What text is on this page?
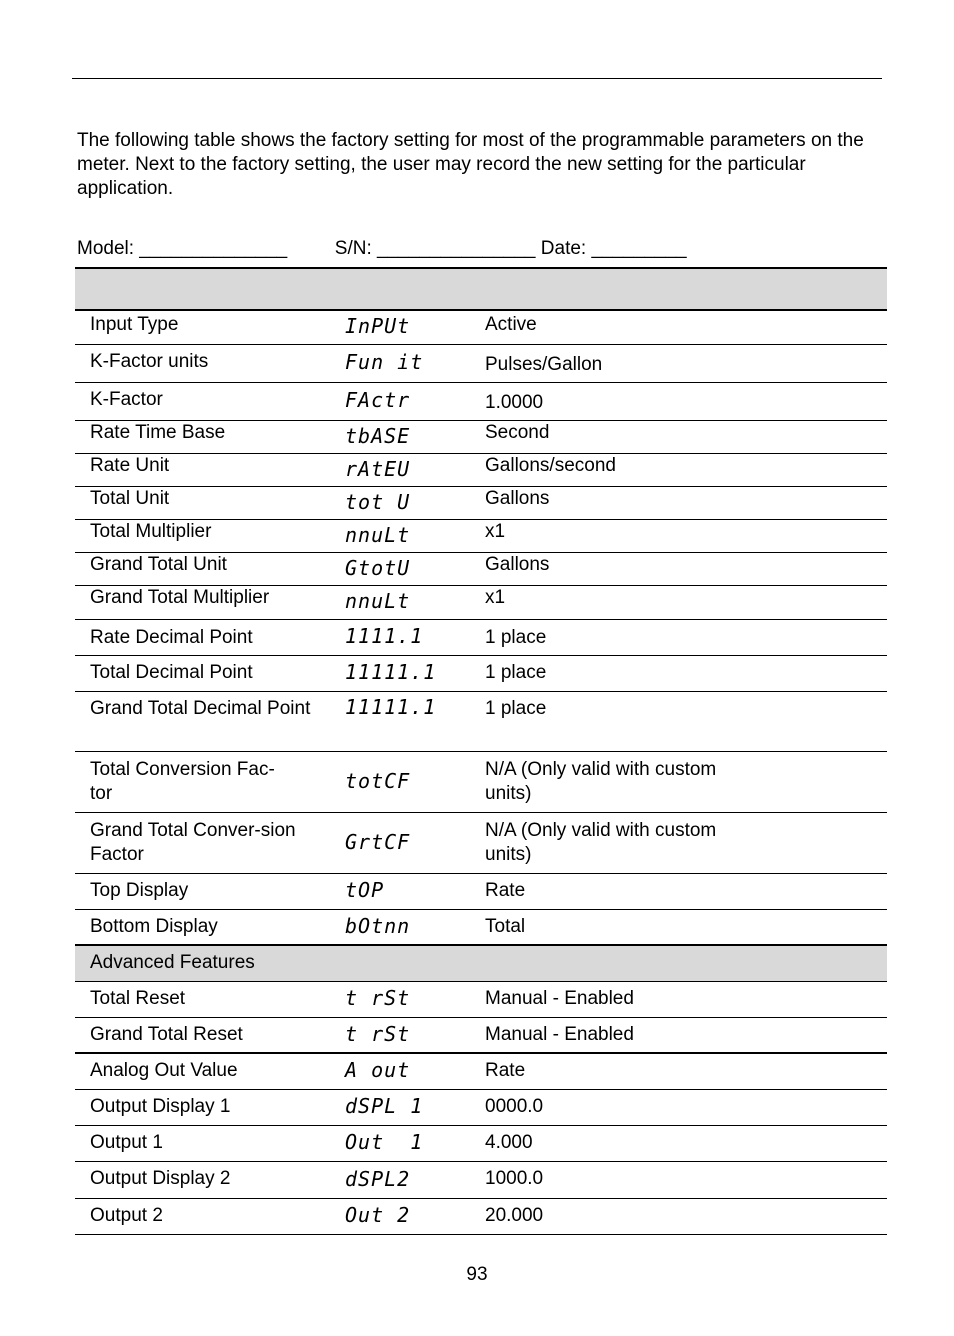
The following table shows the factory setting for most of the programmable parameters on the meter. Next to the factory setting, the user may record the new setting for the particular application.

Model: ______________	S/N: _______________ Date: _________

Input Type	InPUt	Active
K-Factor units	Fun it	Pulses/Gallon
K-Factor	FActr	1.0000
Rate Time Base	tbASE	Second
Rate Unit	rAtEU	Gallons/second
Total Unit	tot U	Gallons
Total Multiplier	nnuLt	x1
Grand Total Unit	GtotU	Gallons
Grand Total Multiplier	nnuLt	x1
Rate Decimal Point	1111.1	1 place
Total Decimal Point	11111.1	1 place
Grand Total Decimal Point	11111.1	1 place
Total Conversion Fac-tor	totCF	N/A (Only valid with custom units)
Grand Total Conver-sion Factor	GrtCF	N/A (Only valid with custom units)
Top Display	tOP	Rate
Bottom Display	bOtnn	Total
Advanced Features		
Total Reset	t rSt	Manual - Enabled
Grand Total Reset	t rSt	Manual - Enabled
Analog Out Value	A out	Rate
Output Display 1	dSPL 1	0000.0
Output 1	Out  1	4.000
Output Display 2	dSPL2	1000.0
Output 2	Out 2	20.000
93
